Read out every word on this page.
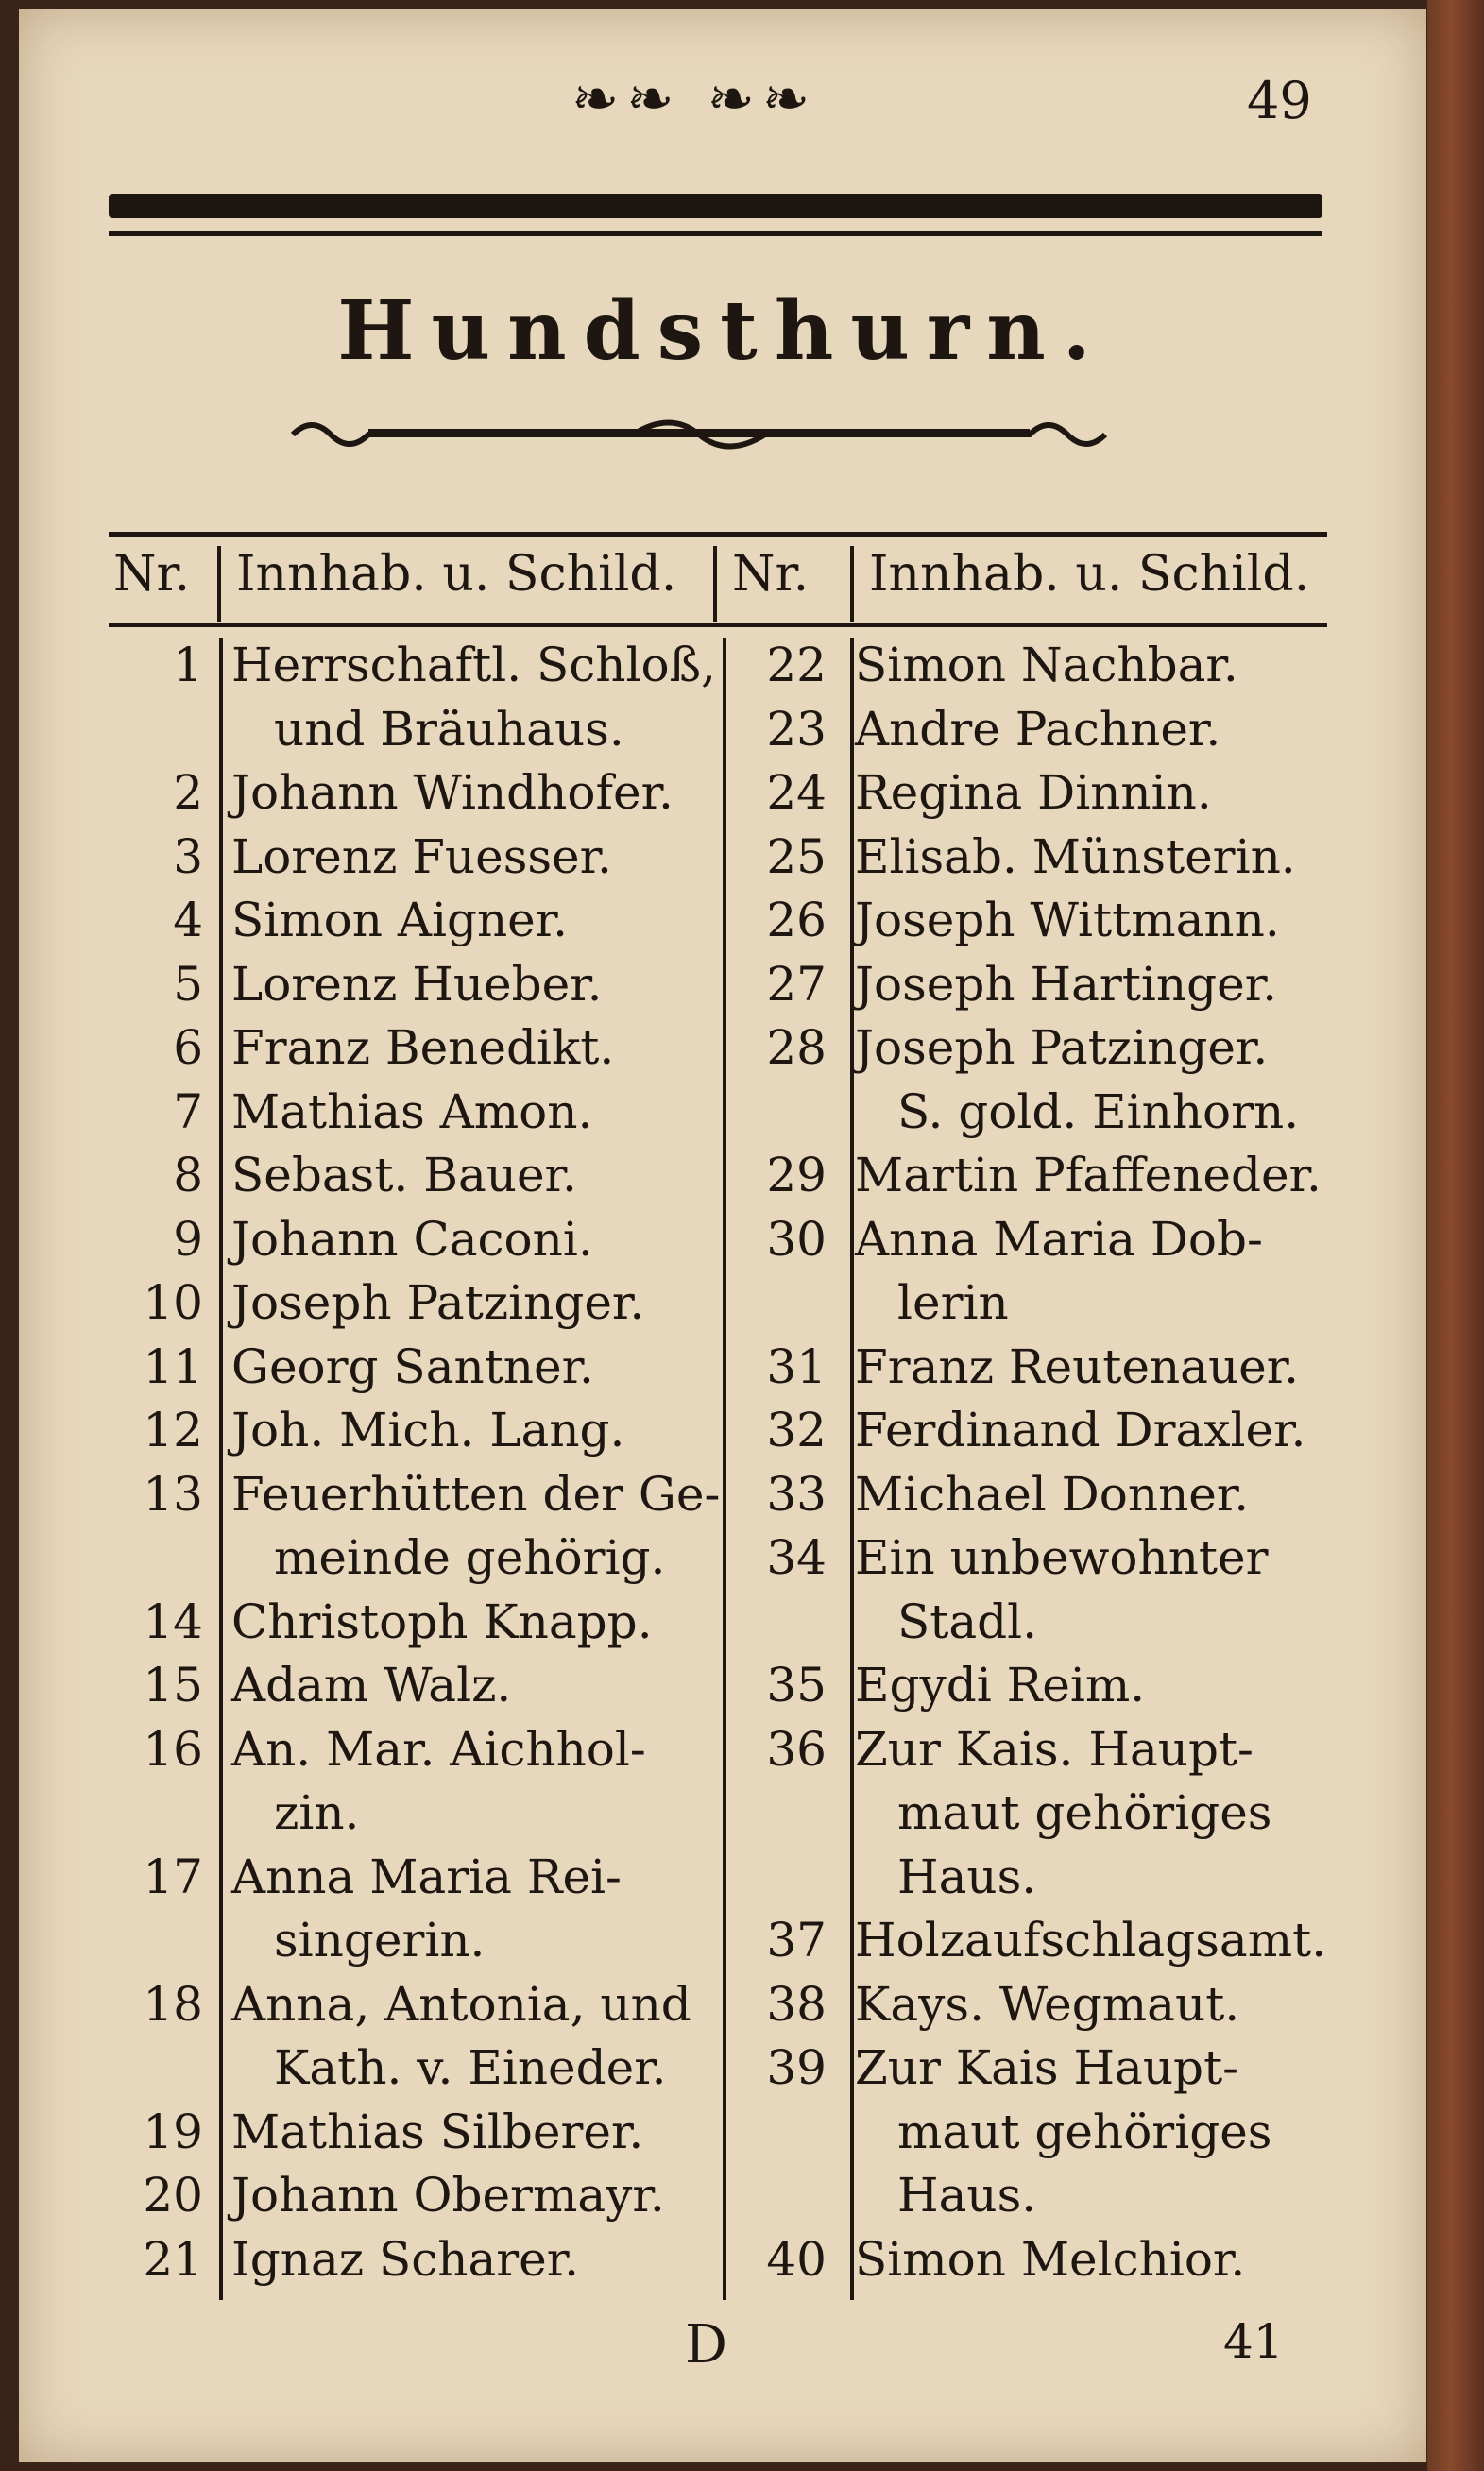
❧❧ ❧❧	49
Hundsthurn.
Nr. Innhab. u. Schild. Nr. Innhab. u. Schild.
1 Herrschaftl. Schloß,
und Bräuhaus.
2 Johann Windhofer.
3 Lorenz Fuesser.
4 Simon Aigner.
5 Lorenz Hueber.
6 Franz Benedikt.
7 Mathias Amon.
8 Sebast. Bauer.
9 Johann Caconi.
10 Joseph Patzinger.
11 Georg Santner.
12 Joh. Mich. Lang.
13 Feuerhütten der Ge-
meinde gehörig.
14 Christoph Knapp.
15 Adam Walz.
16 An. Mar. Aichhol-
zin.
17 Anna Maria Rei-
singerin.
18 Anna, Antonia, und
Kath. v. Eineder.
19 Mathias Silberer.
20 Johann Obermayr.
21 Ignaz Scharer.
22 Simon Nachbar.
23 Andre Pachner.
24 Regina Dinnin.
25 Elisab. Münsterin.
26 Joseph Wittmann.
27 Joseph Hartinger.
28 Joseph Patzinger.
S. gold. Einhorn.
29 Martin Pfaffeneder.
30 Anna Maria Dob-
lerin
31 Franz Reutenauer.
32 Ferdinand Draxler.
33 Michael Donner.
34 Ein unbewohnter
Stadl.
35 Egydi Reim.
36 Zur Kais. Haupt-
maut gehöriges
Haus.
37 Holzaufschlagsamt.
38 Kays. Wegmaut.
39 Zur Kais Haupt-
maut gehöriges
Haus.
40 Simon Melchior.
D	41
